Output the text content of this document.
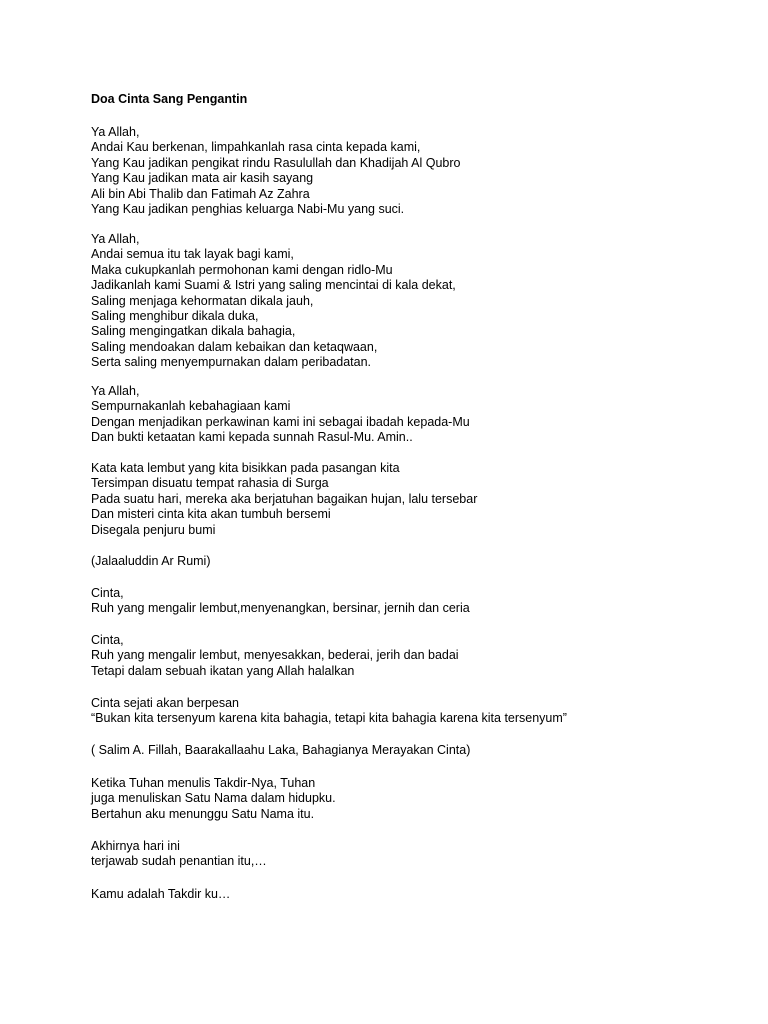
Doa Cinta Sang Pengantin

Ya Allah,
Andai Kau berkenan, limpahkanlah rasa cinta kepada kami,
Yang Kau jadikan pengikat rindu Rasulullah dan Khadijah Al Qubro
Yang Kau jadikan mata air kasih sayang
Ali bin Abi Thalib dan Fatimah Az Zahra
Yang Kau jadikan penghias keluarga Nabi-Mu yang suci.

Ya Allah,
Andai semua itu tak layak bagi kami,
Maka cukupkanlah permohonan kami dengan ridlo-Mu
Jadikanlah kami Suami & Istri yang saling mencintai di kala dekat,
Saling menjaga kehormatan dikala jauh,
Saling menghibur dikala duka,
Saling mengingatkan dikala bahagia,
Saling mendoakan dalam kebaikan dan ketaqwaan,
Serta saling menyempurnakan dalam peribadatan.

Ya Allah,
Sempurnakanlah kebahagiaan kami
Dengan menjadikan perkawinan kami ini sebagai ibadah kepada-Mu
Dan bukti ketaatan kami kepada sunnah Rasul-Mu. Amin..

Kata kata lembut yang kita bisikkan pada pasangan kita
Tersimpan disuatu tempat rahasia di Surga
Pada suatu hari, mereka aka berjatuhan bagaikan hujan, lalu tersebar
Dan misteri cinta kita akan tumbuh bersemi
Disegala penjuru bumi

(Jalaaluddin Ar Rumi)

Cinta,
Ruh yang mengalir lembut,menyenangkan, bersinar, jernih dan ceria

Cinta,
Ruh yang mengalir lembut, menyesakkan, bederai, jerih dan badai
Tetapi dalam sebuah ikatan yang Allah halalkan

Cinta sejati akan berpesan
“Bukan kita tersenyum karena kita bahagia, tetapi kita bahagia karena kita tersenyum”

( Salim A. Fillah, Baarakallaahu Laka, Bahagianya Merayakan Cinta)

Ketika Tuhan menulis Takdir-Nya, Tuhan
juga menuliskan Satu Nama dalam hidupku.
Bertahun aku menunggu Satu Nama itu.

Akhirnya hari ini
terjawab sudah penantian itu,…

Kamu adalah Takdir ku…
